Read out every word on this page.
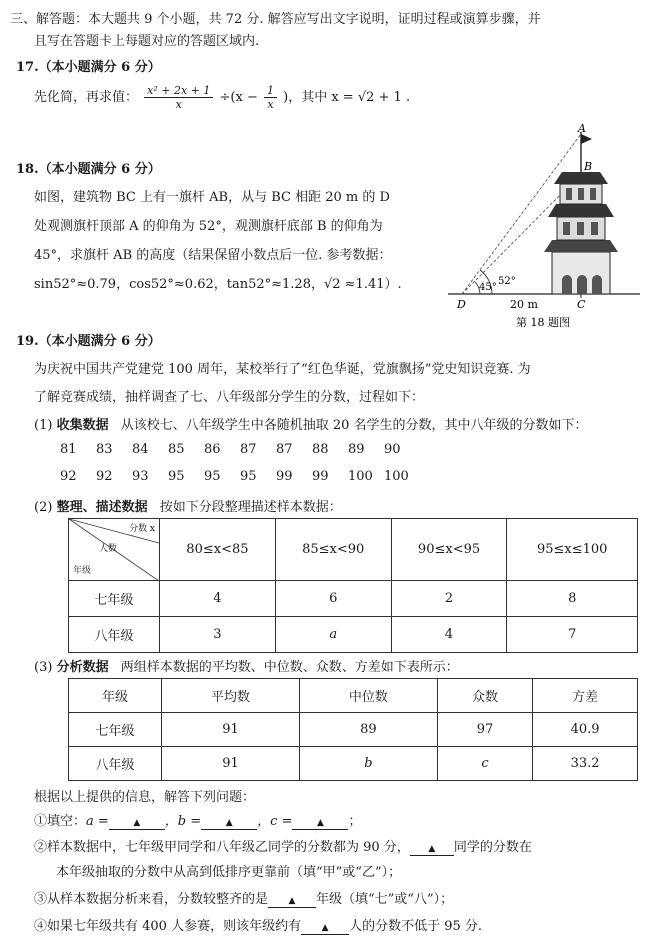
三、解答题：本大题共 9 个小题，共 72 分. 解答应写出文字说明，证明过程或演算步骤，并
且写在答题卡上每题对应的答题区域内.
17.（本小题满分 6 分）
先化简，再求值： $\frac{\text{x² + 2x + 1}}{x} \div(x - \frac{1}{x}$ )，其中 x = √2 + 1 .
18.（本小题满分 6 分）
如图，建筑物 BC 上有一旗杆 AB，从与 BC 相距 20 m 的 D
处观测旗杆顶部 A 的仰角为 52°，观测旗杆底部 B 的仰角为
45°，求旗杆 AB 的高度（结果保留小数点后一位. 参考数据：
sin52°≈0.79，cos52°≈0.62，tan52°≈1.28，√2 ≈1.41）.
A
B
C
D
45°
52°
20 m
第 18 题图
19.（本小题满分 6 分）
为庆祝中国共产党建党 100 周年，某校举行了“红色华诞，党旗飘扬”党史知识竞赛. 为
了解竞赛成绩，抽样调查了七、八年级部分学生的分数，过程如下：
(1) 收集数据 从该校七、八年级学生中各随机抽取 20 名学生的分数，其中八年级的分数如下：
81 83 84 85 86 87 87 88 89 90
92 92 93 95 95 95 99 99 100 100
(2) 整理、描述数据 按如下分段整理描述样本数据：
分数 x
人数
年级	80≤x<85	85≤x<90	90≤x<95	95≤x≤100
七年级	4	6	2	8
八年级	3	a	4	7
(3) 分析数据 两组样本数据的平均数、中位数、众数、方差如下表所示：
年级	平均数	中位数	众数	方差
七年级	91	89	97	40.9
八年级	91	b	c	33.2
根据以上提供的信息，解答下列问题：
①填空：a =	▲ ，b =	▲ ，c =	▲ ；
②样本数据中，七年级甲同学和八年级乙同学的分数都为 90 分， ▲ 同学的分数在
本年级抽取的分数中从高到低排序更靠前（填“甲”或“乙”）；
③从样本数据分析来看，分数较整齐的是 ▲ 年级（填“七”或“八”）；
④如果七年级共有 400 人参赛，则该年级约有 ▲ 人的分数不低于 95 分.
